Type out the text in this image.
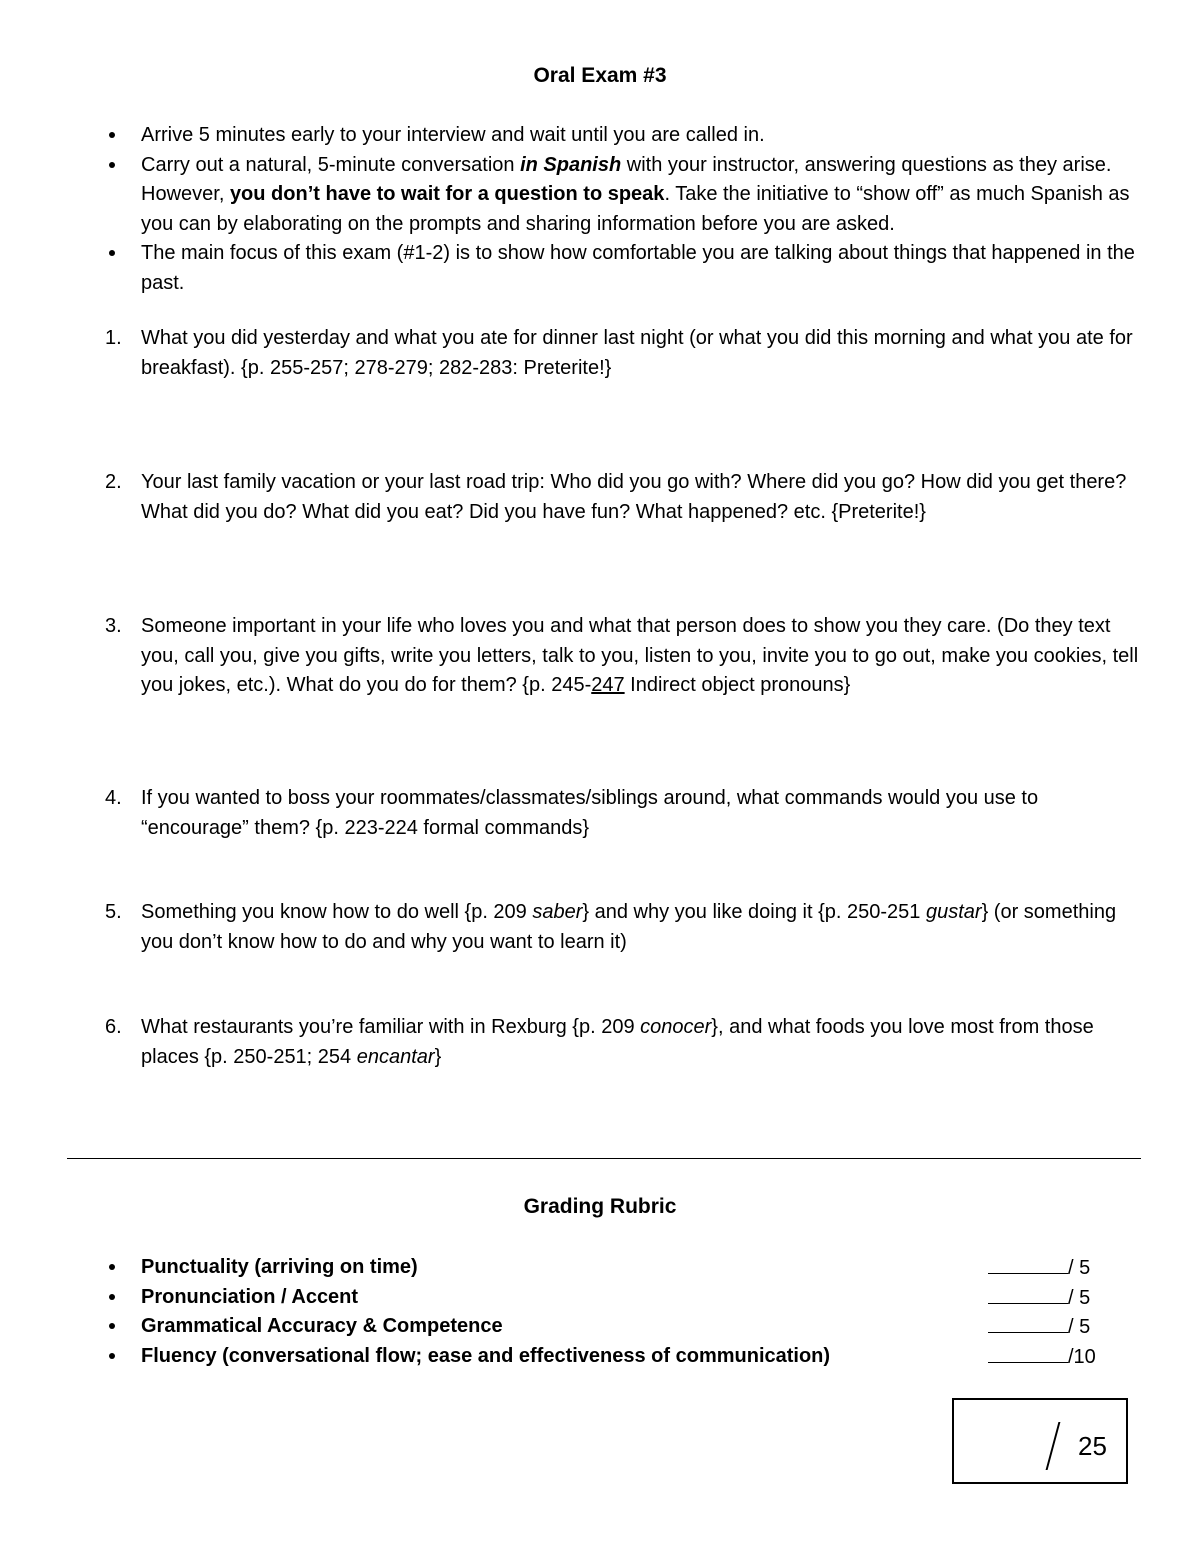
Oral Exam #3
Arrive 5 minutes early to your interview and wait until you are called in.
Carry out a natural, 5-minute conversation in Spanish with your instructor, answering questions as they arise. However, you don’t have to wait for a question to speak. Take the initiative to “show off” as much Spanish as you can by elaborating on the prompts and sharing information before you are asked.
The main focus of this exam (#1-2) is to show how comfortable you are talking about things that happened in the past.
1. What you did yesterday and what you ate for dinner last night (or what you did this morning and what you ate for breakfast). {p. 255-257; 278-279; 282-283: Preterite!}
2. Your last family vacation or your last road trip: Who did you go with? Where did you go? How did you get there? What did you do? What did you eat? Did you have fun? What happened? etc. {Preterite!}
3. Someone important in your life who loves you and what that person does to show you they care. (Do they text you, call you, give you gifts, write you letters, talk to you, listen to you, invite you to go out, make you cookies, tell you jokes, etc.). What do you do for them? {p. 245-247 Indirect object pronouns}
4. If you wanted to boss your roommates/classmates/siblings around, what commands would you use to “encourage” them? {p. 223-224 formal commands}
5. Something you know how to do well {p. 209 saber} and why you like doing it {p. 250-251 gustar} (or something you don’t know how to do and why you want to learn it)
6. What restaurants you’re familiar with in Rexburg {p. 209 conocer}, and what foods you love most from those places {p. 250-251; 254 encantar}
Grading Rubric
Punctuality (arriving on time)	/ 5
Pronunciation / Accent	/ 5
Grammatical Accuracy & Competence	/ 5
Fluency (conversational flow; ease and effectiveness of communication)	/10
25
